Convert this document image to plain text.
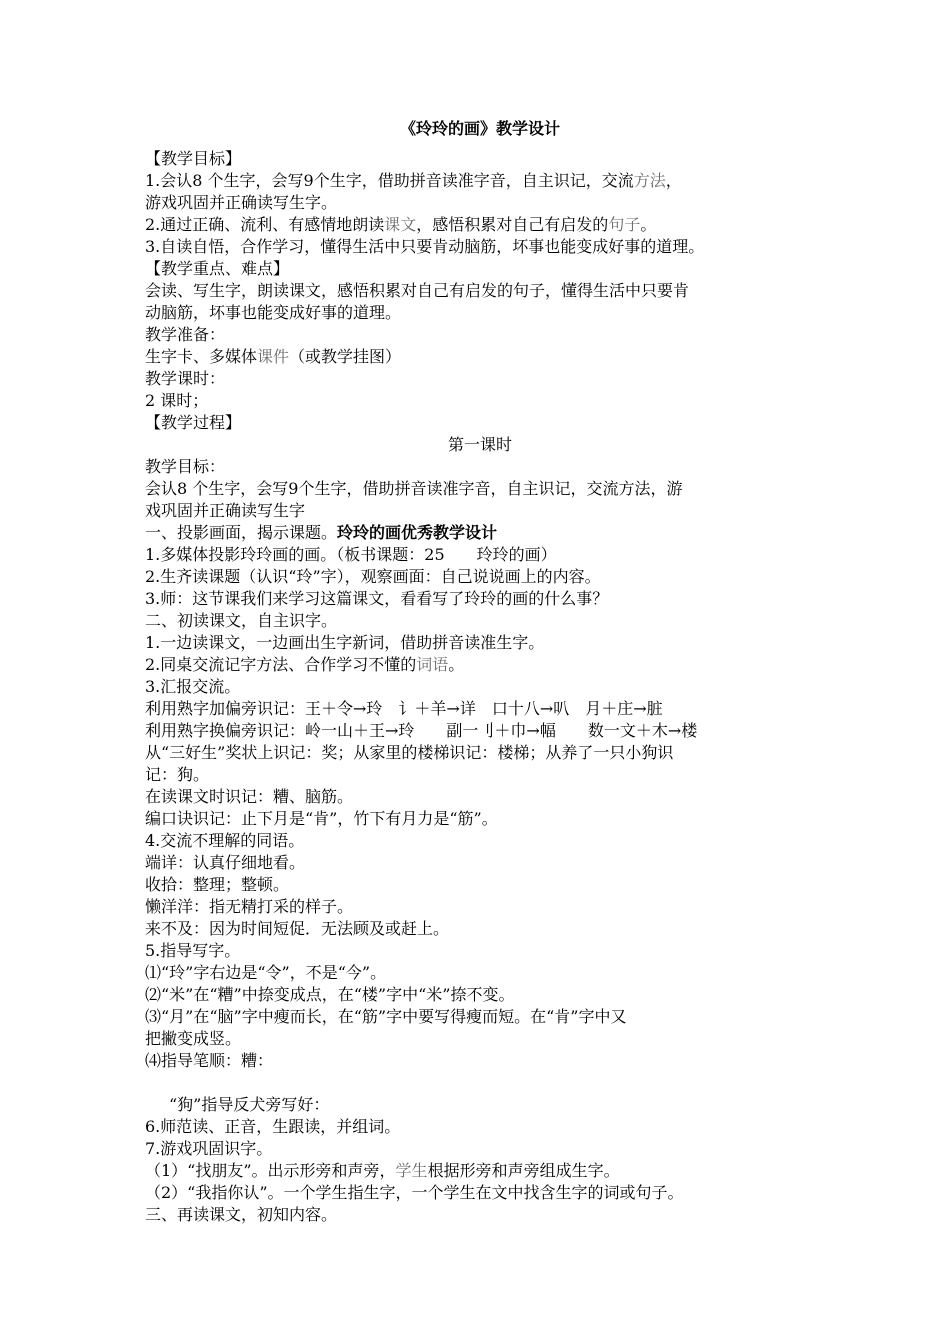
《玲玲的画》教学设计
【教学目标】
1.会认8 个生字，会写9个生字，借助拼音读准字音，自主识记，交流方法，
游戏巩固并正确读写生字。
2.通过正确、流利、有感情地朗读课文，感悟积累对自己有启发的句子。
3.自读自悟，合作学习，懂得生活中只要肯动脑筋，坏事也能变成好事的道理。
【教学重点、难点】
会读、写生字，朗读课文，感悟积累对自己有启发的句子，懂得生活中只要肯
动脑筋，坏事也能变成好事的道理。
教学准备：
生字卡、多媒体课件（或教学挂图）
教学课时：
2 课时；
【教学过程】
第一课时
教学目标：
会认8 个生字，会写9个生字，借助拼音读准字音，自主识记，交流方法，游
戏巩固并正确读写生字
一、投影画面，揭示课题。玲玲的画优秀教学设计
1.多媒体投影玲玲画的画。（板书课题：25　　玲玲的画）
2.生齐读课题（认识“玲”字），观察画面：自己说说画上的内容。
3.师：这节课我们来学习这篇课文，看看写了玲玲的画的什么事？
二、初读课文，自主识字。
1.一边读课文，一边画出生字新词，借助拼音读准生字。
2.同桌交流记字方法、合作学习不懂的词语。
3.汇报交流。
利用熟字加偏旁识记：王＋令→玲　讠＋羊→详　口十八→叭　月＋庄→脏
利用熟字换偏旁识记：岭一山＋王→玲　　副一刂＋巾→幅　　数一文＋木→楼
从“三好生”奖状上识记：奖；从家里的楼梯识记：楼梯；从养了一只小狗识
记：狗。
在读课文时识记：糟、脑筋。
编口诀识记：止下月是“肯”，竹下有月力是“筋”。
4.交流不理解的同语。
端详：认真仔细地看。
收拾：整理；整顿。
懒洋洋：指无精打采的样子。
来不及：因为时间短促．无法顾及或赶上。
5.指导写字。
⑴“玲”字右边是“令”，不是“今”。
⑵“米”在“糟”中捺变成点，在“楼”字中“米”捺不变。
⑶“月”在“脑”字中瘦而长，在“筋”字中要写得瘦而短。在“肯”字中又
把撇变成竖。
⑷指导笔顺：糟：
“狗”指导反犬旁写好：
6.师范读、正音，生跟读，并组词。
7.游戏巩固识字。
（1）“找朋友”。出示形旁和声旁，学生根据形旁和声旁组成生字。
（2）“我指你认”。一个学生指生字，一个学生在文中找含生字的词或句子。
三、再读课文，初知内容。
